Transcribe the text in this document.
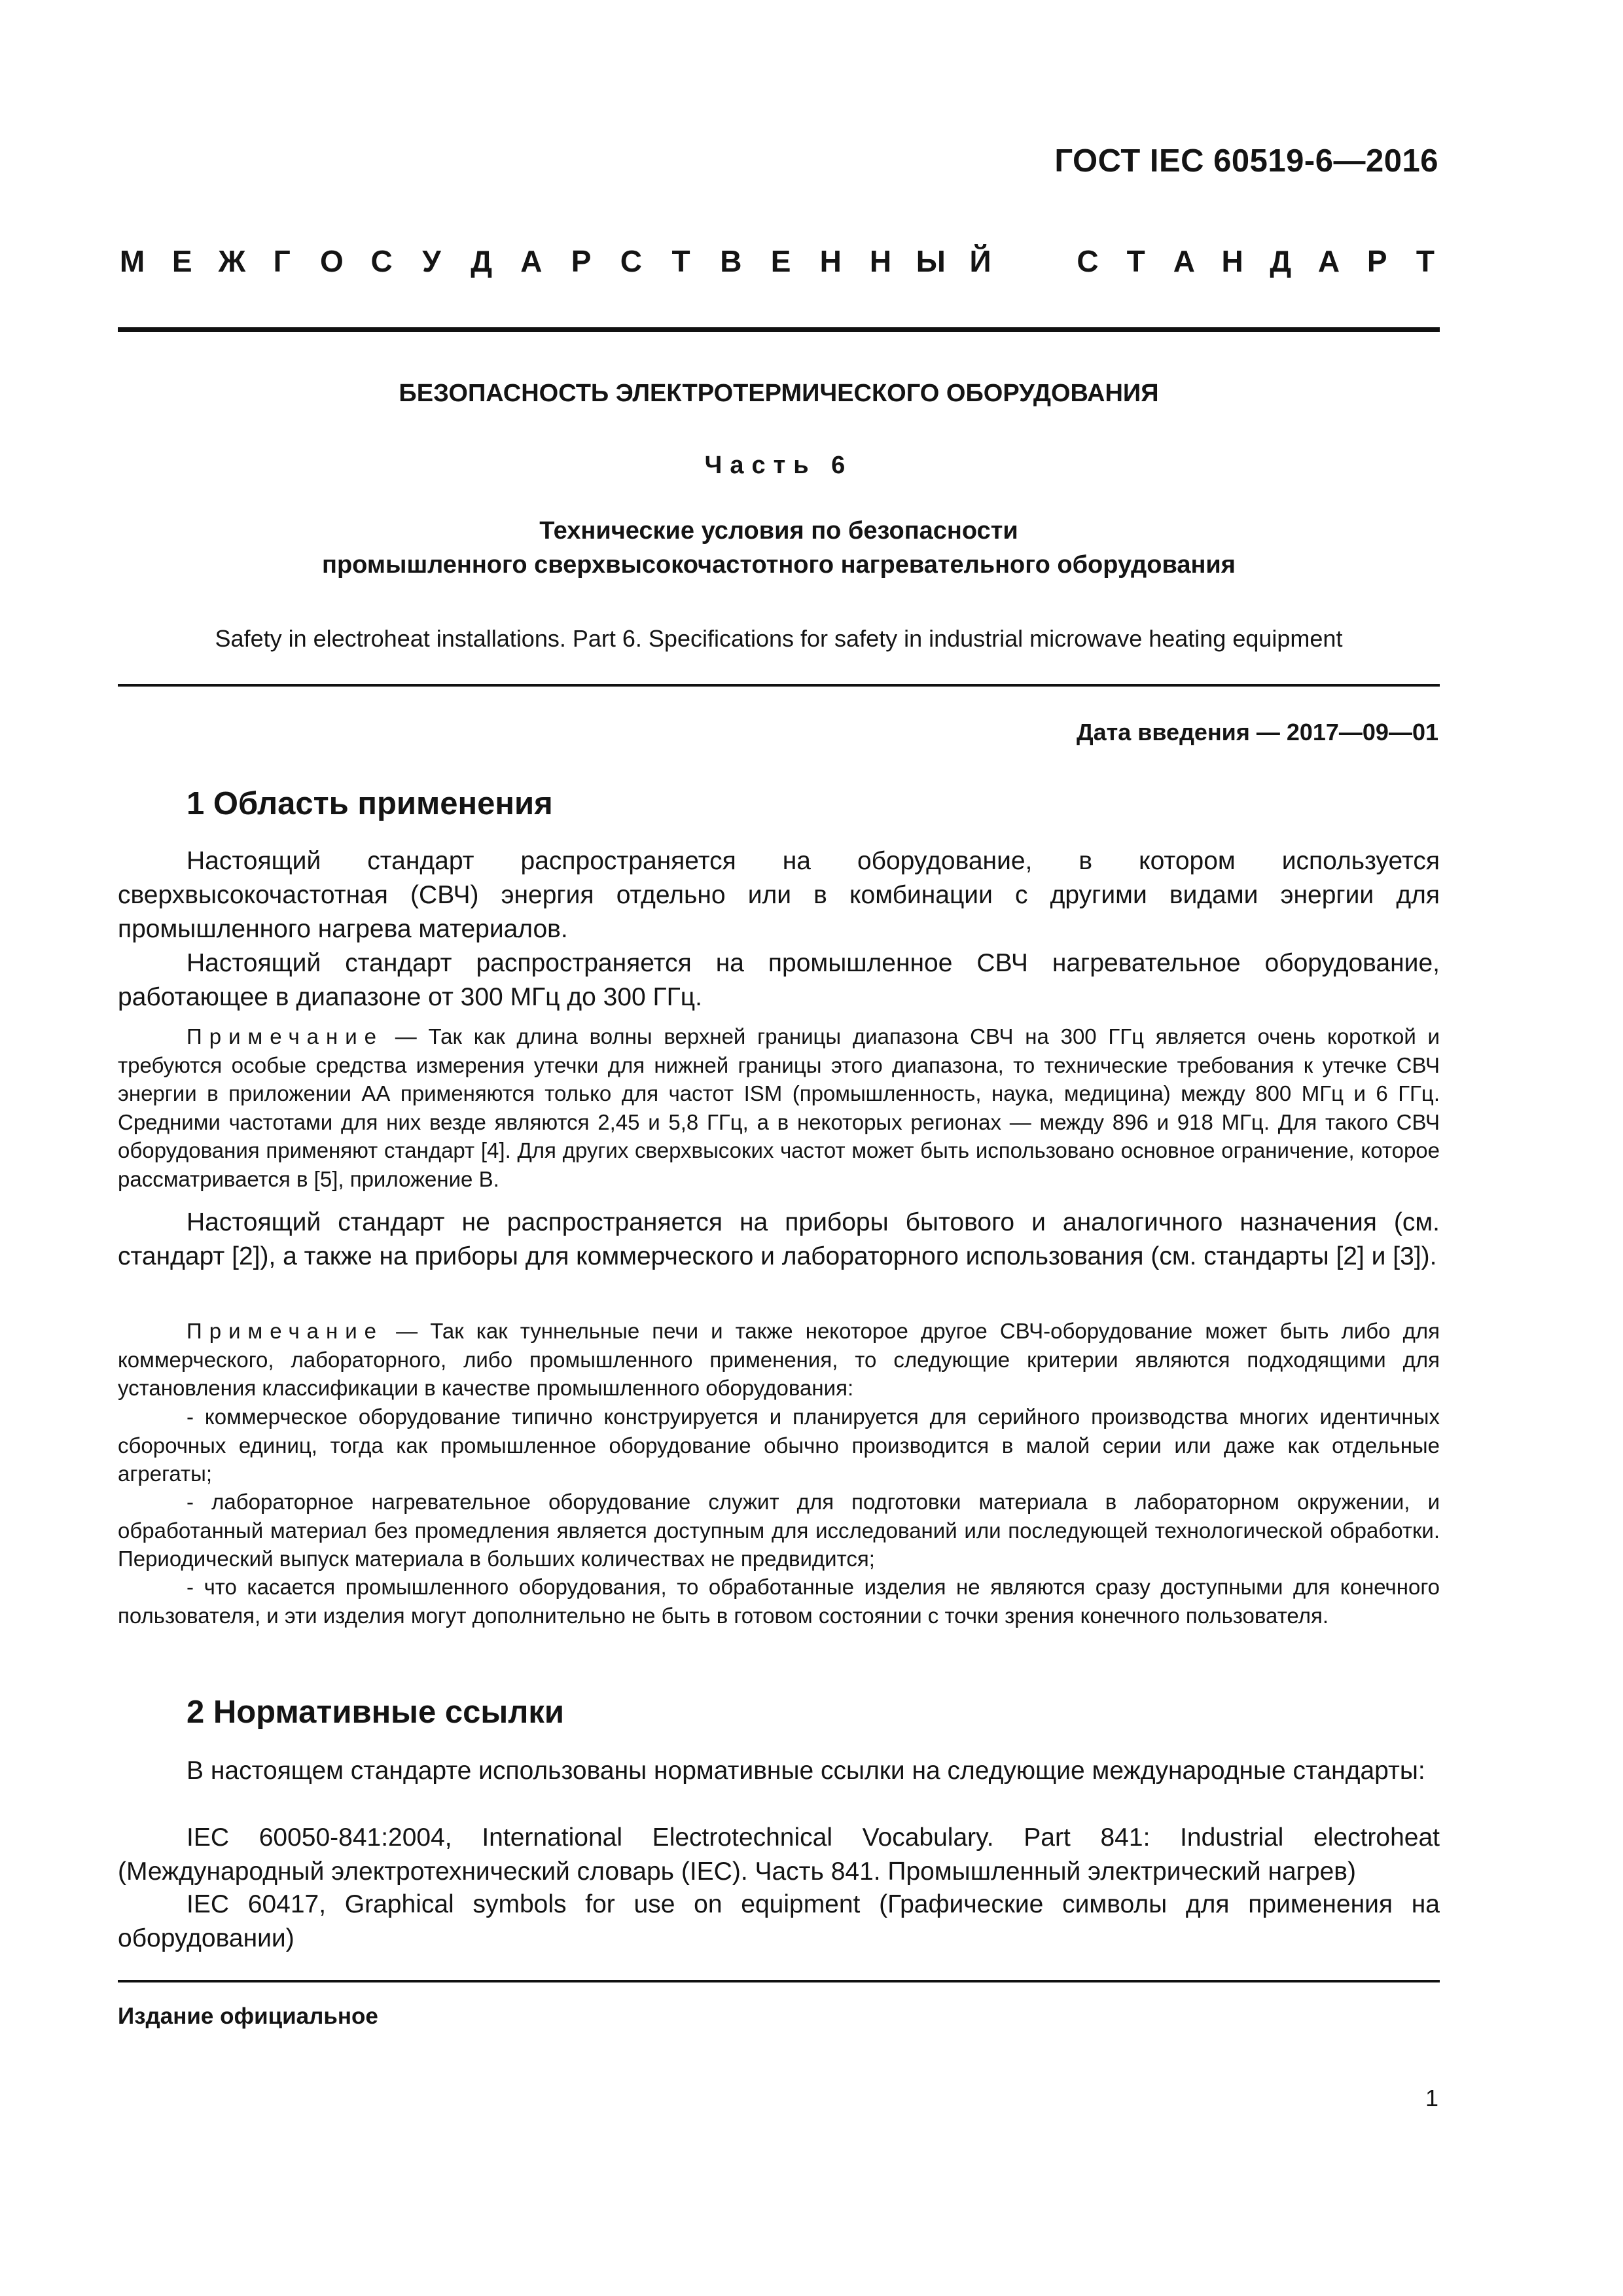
ГОСТ IEC 60519-6—2016
М Е Ж Г О С У Д А Р С Т В Е Н Н Ы Й	С Т А Н Д А Р Т
БЕЗОПАСНОСТЬ ЭЛЕКТРОТЕРМИЧЕСКОГО ОБОРУДОВАНИЯ
Часть 6
Технические условия по безопасности
промышленного сверхвысокочастотного нагревательного оборудования
Safety in electroheat installations. Part 6. Specifications for safety in industrial microwave heating equipment
Дата введения — 2017—09—01
1 Область применения

Настоящий стандарт распространяется на оборудование, в котором используется сверхвысокочастотная (СВЧ) энергия отдельно или в комбинации с другими видами энергии для промышленного нагрева материалов.

Настоящий стандарт распространяется на промышленное СВЧ нагревательное оборудование, работающее в диапазоне от 300 МГц до 300 ГГц.

Примечание — Так как длина волны верхней границы диапазона СВЧ на 300 ГГц является очень короткой и требуются особые средства измерения утечки для нижней границы этого диапазона, то технические требования к утечке СВЧ энергии в приложении АА применяются только для частот ISM (промышленность, наука, медицина) между 800 МГц и 6 ГГц. Средними частотами для них везде являются 2,45 и 5,8 ГГц, а в некоторых регионах — между 896 и 918 МГц. Для такого СВЧ оборудования применяют стандарт [4]. Для других сверхвысоких частот может быть использовано основное ограничение, которое рассматривается в [5], приложение В.

Настоящий стандарт не распространяется на приборы бытового и аналогичного назначения (см. стандарт [2]), а также на приборы для коммерческого и лабораторного использования (см. стандарты [2] и [3]).

Примечание — Так как туннельные печи и также некоторое другое СВЧ-оборудование может быть либо для коммерческого, лабораторного, либо промышленного применения, то следующие критерии являются подходящими для установления классификации в качестве промышленного оборудования:

- коммерческое оборудование типично конструируется и планируется для серийного производства многих идентичных сборочных единиц, тогда как промышленное оборудование обычно производится в малой серии или даже как отдельные агрегаты;

- лабораторное нагревательное оборудование служит для подготовки материала в лабораторном окружении, и обработанный материал без промедления является доступным для исследований или последующей технологической обработки. Периодический выпуск материала в больших количествах не предвидится;

- что касается промышленного оборудования, то обработанные изделия не являются сразу доступными для конечного пользователя, и эти изделия могут дополнительно не быть в готовом состоянии с точки зрения конечного пользователя.

2 Нормативные ссылки

В настоящем стандарте использованы нормативные ссылки на следующие международные стандарты:

IEC 60050-841:2004, International Electrotechnical Vocabulary. Part 841: Industrial electroheat (Международный электротехнический словарь (IEC). Часть 841. Промышленный электрический нагрев)

IEC 60417, Graphical symbols for use on equipment (Графические символы для применения на оборудовании)

Издание официальное
1
